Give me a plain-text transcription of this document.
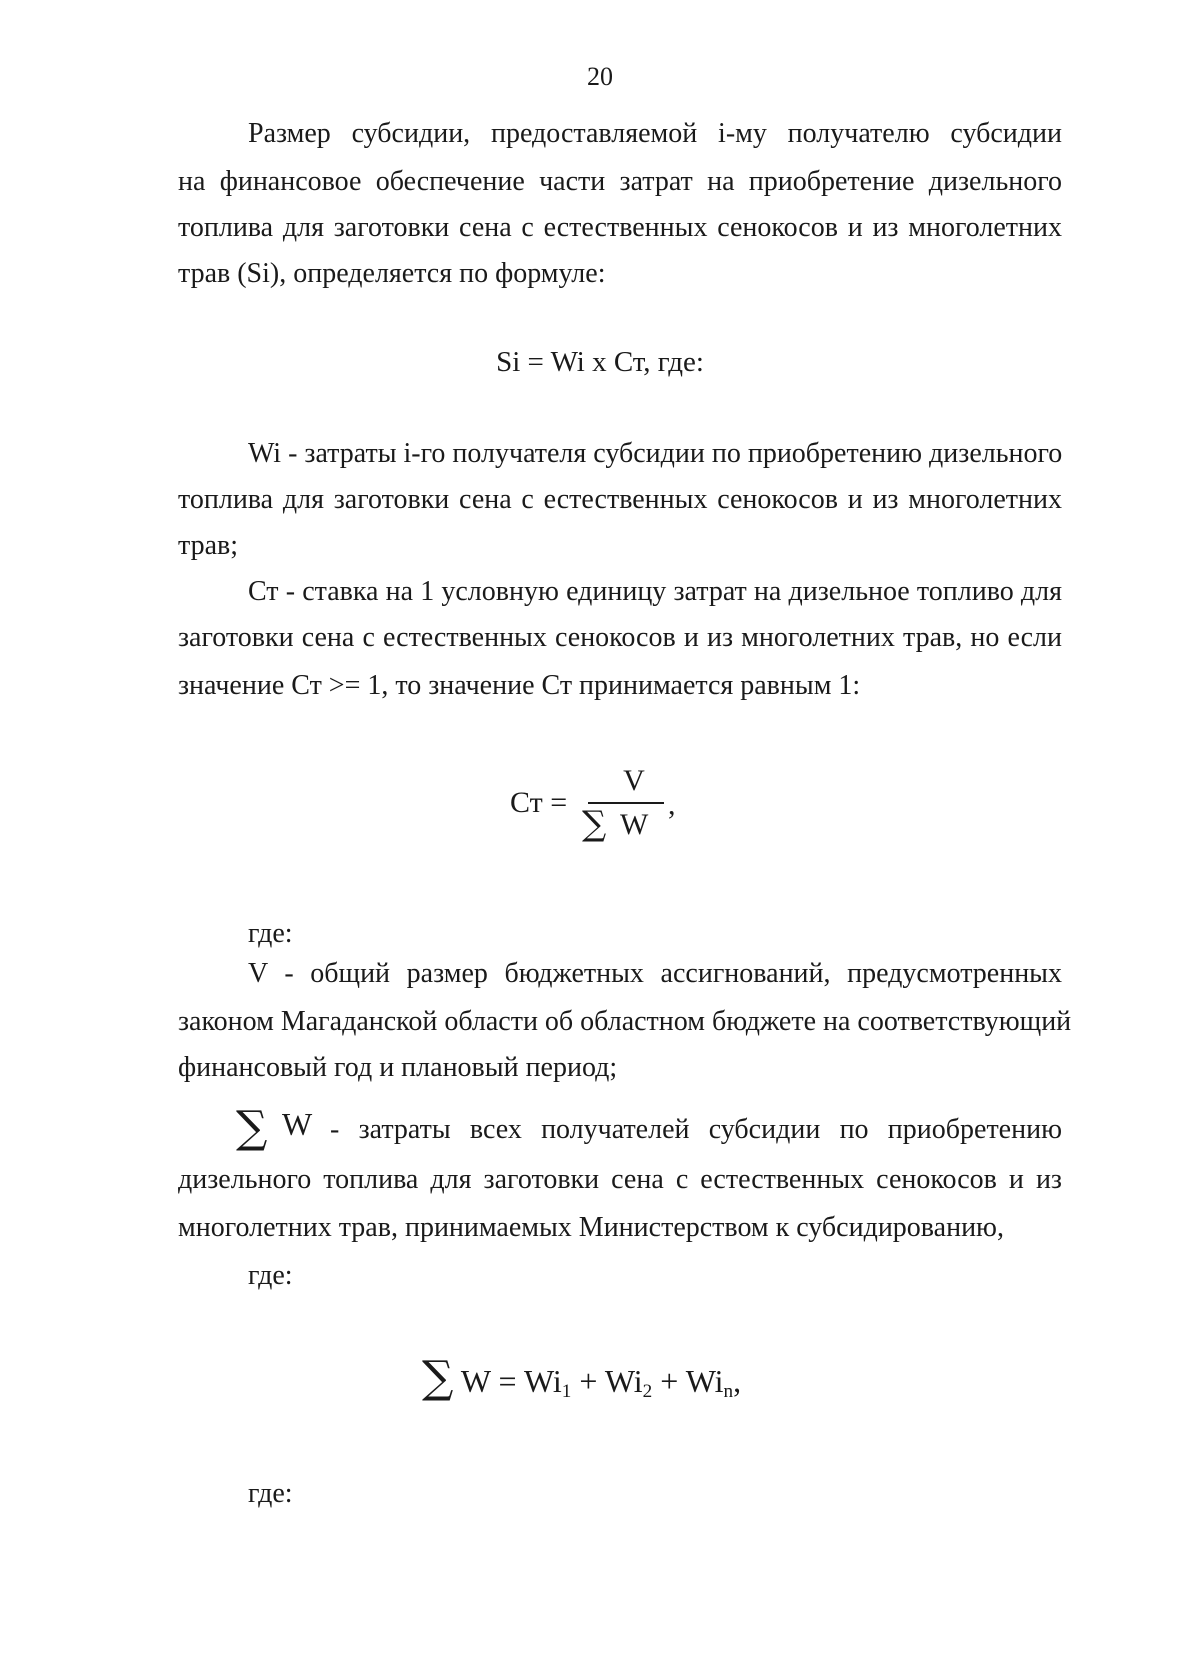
20
Размер субсидии, предоставляемой i-му получателю субсидии
на финансовое обеспечение части затрат на приобретение дизельного
топлива для заготовки сена с естественных сенокосов и из многолетних
трав (Si), определяется по формуле:
Si = Wi x Ст, где:
Wi - затраты i-го получателя субсидии по приобретению дизельного
топлива для заготовки сена с естественных сенокосов и из многолетних
трав;
Ст - ставка на 1 условную единицу затрат на дизельное топливо для
заготовки сена с естественных сенокосов и из многолетних трав, но если
значение Ст >= 1, то значение Ст принимается равным 1:
Ст =
V
∑ W
,
где:
V - общий размер бюджетных ассигнований, предусмотренных
законом Магаданской области об областном бюджете на соответствующий
финансовый год и плановый период;
∑ W - затраты всех получателей субсидии по приобретению
дизельного топлива для заготовки сена с естественных сенокосов и из
многолетних трав, принимаемых Министерством к субсидированию,
где:
∑ $W = Wi_1 + Wi_2 + Wi_n$,
где:
